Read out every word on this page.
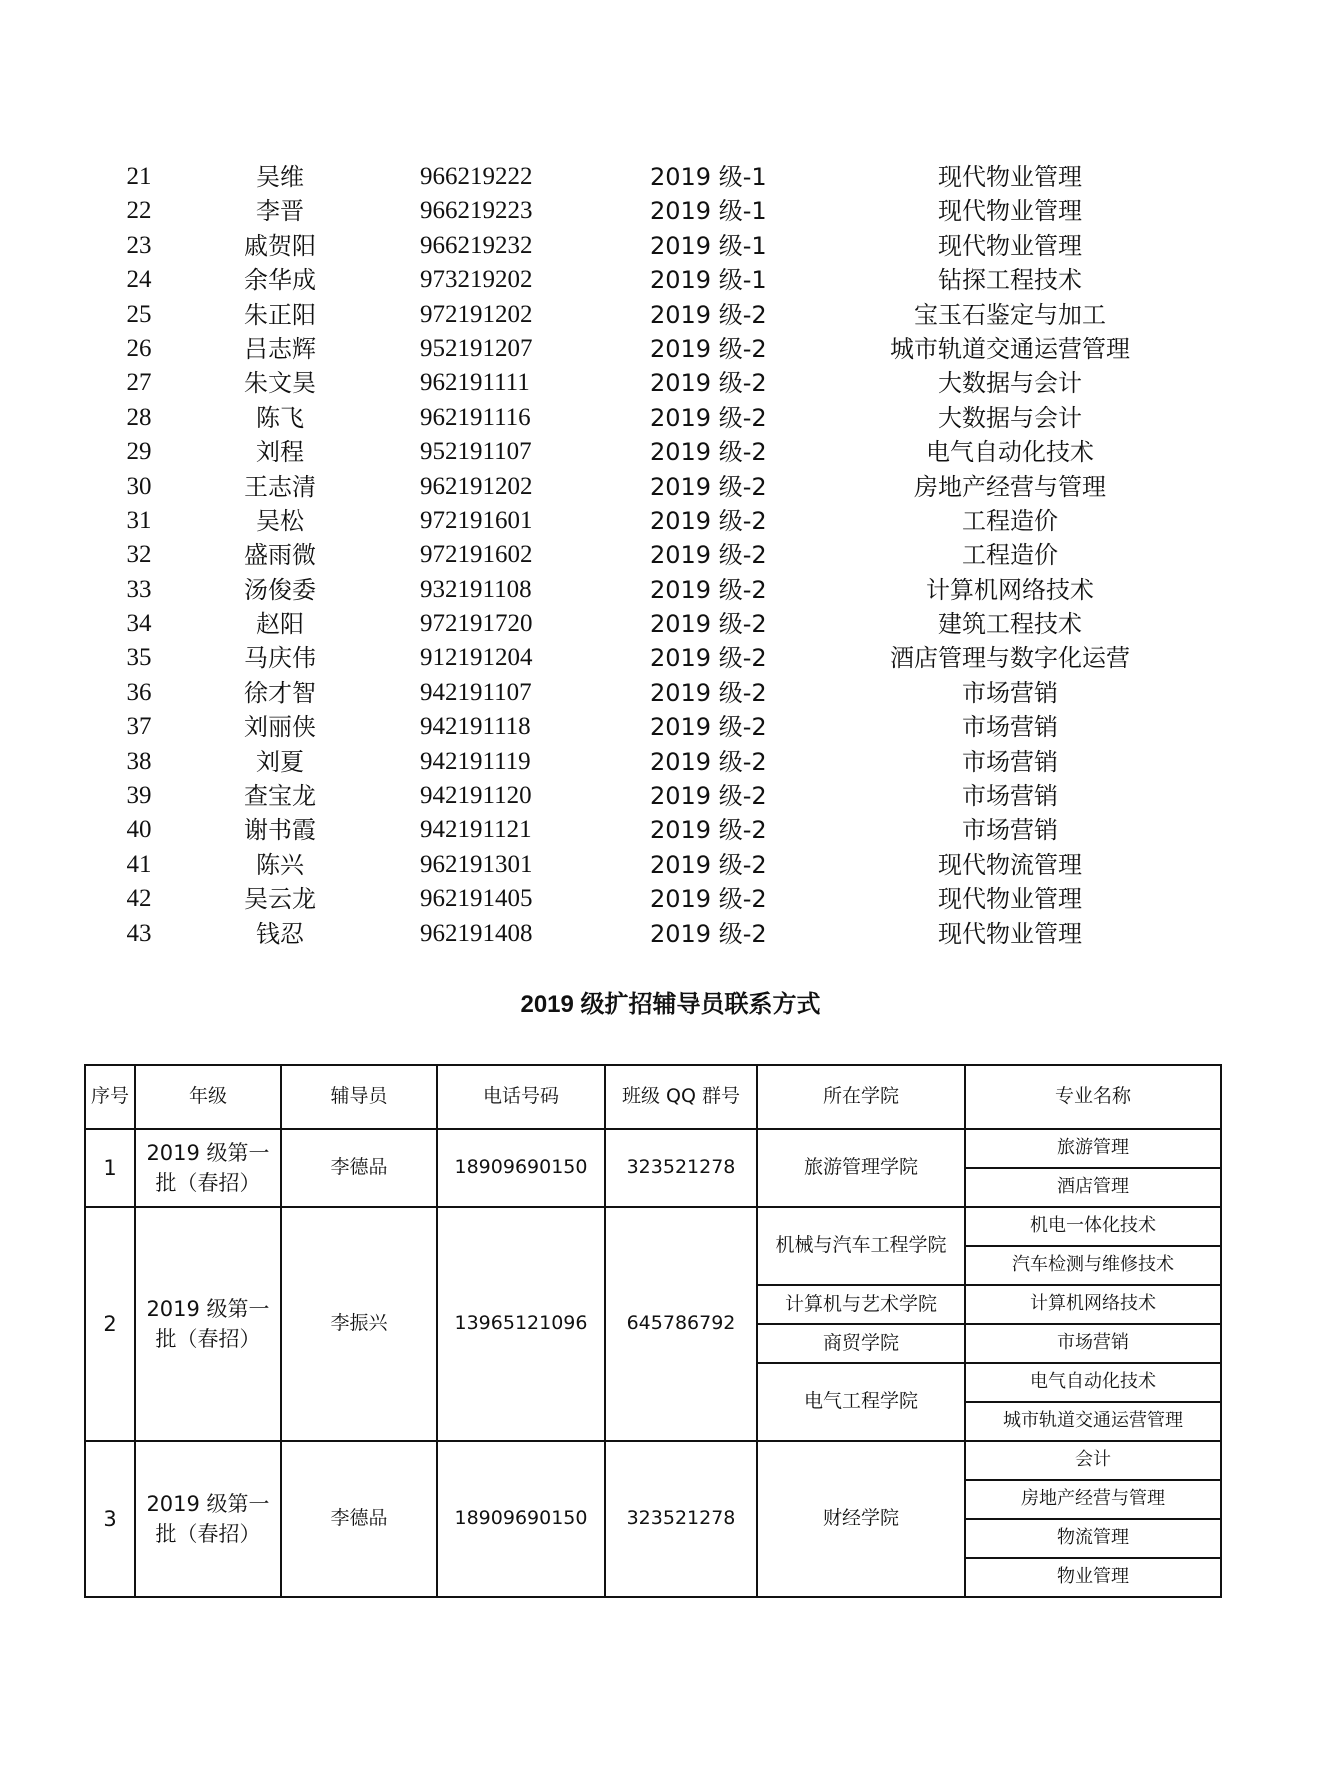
21	吴维	966219222	2019 级-1	现代物业管理
22	李晋	966219223	2019 级-1	现代物业管理
23	戚贺阳	966219232	2019 级-1	现代物业管理
24	余华成	973219202	2019 级-1	钻探工程技术
25	朱正阳	972191202	2019 级-2	宝玉石鉴定与加工
26	吕志辉	952191207	2019 级-2	城市轨道交通运营管理
27	朱文昊	962191111	2019 级-2	大数据与会计
28	陈飞	962191116	2019 级-2	大数据与会计
29	刘程	952191107	2019 级-2	电气自动化技术
30	王志清	962191202	2019 级-2	房地产经营与管理
31	吴松	972191601	2019 级-2	工程造价
32	盛雨微	972191602	2019 级-2	工程造价
33	汤俊委	932191108	2019 级-2	计算机网络技术
34	赵阳	972191720	2019 级-2	建筑工程技术
35	马庆伟	912191204	2019 级-2	酒店管理与数字化运营
36	徐才智	942191107	2019 级-2	市场营销
37	刘丽侠	942191118	2019 级-2	市场营销
38	刘夏	942191119	2019 级-2	市场营销
39	查宝龙	942191120	2019 级-2	市场营销
40	谢书霞	942191121	2019 级-2	市场营销
41	陈兴	962191301	2019 级-2	现代物流管理
42	吴云龙	962191405	2019 级-2	现代物业管理
43	钱忍	962191408	2019 级-2	现代物业管理
2019 级扩招辅导员联系方式
序号	年级	辅导员	电话号码	班级 QQ 群号	所在学院	专业名称
1	2019 级第一批（春招）	李德品	18909690150	323521278	旅游管理学院	旅游管理
						酒店管理
2	2019 级第一批（春招）	李振兴	13965121096	645786792	机械与汽车工程学院	机电一体化技术
						汽车检测与维修技术
					计算机与艺术学院	计算机网络技术
					商贸学院	市场营销
					电气工程学院	电气自动化技术
						城市轨道交通运营管理
3	2019 级第一批（春招）	李德品	18909690150	323521278	财经学院	会计
						房地产经营与管理
						物流管理
						物业管理
